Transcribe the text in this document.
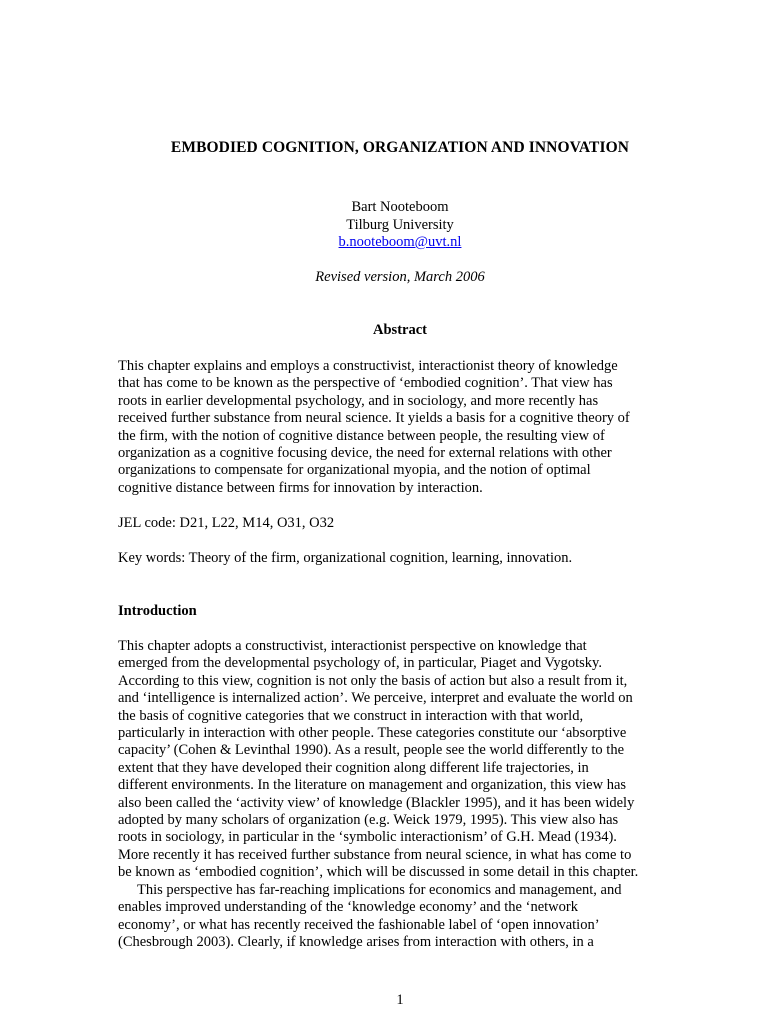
EMBODIED COGNITION, ORGANIZATION AND INNOVATION
Bart Nooteboom
Tilburg University
b.nooteboom@uvt.nl
Revised version, March 2006
Abstract
This chapter explains and employs a constructivist, interactionist theory of knowledge
that has come to be known as the perspective of ‘embodied cognition’. That view has
roots in earlier developmental psychology, and in sociology, and more recently has
received further substance from neural science. It yields a basis for a cognitive theory of
the firm, with the notion of cognitive distance between people, the resulting view of
organization as a cognitive focusing device, the need for external relations with other
organizations to compensate for organizational myopia, and the notion of optimal
cognitive distance between firms for innovation by interaction.
JEL code: D21, L22, M14, O31, O32
Key words: Theory of the firm, organizational cognition, learning, innovation.
Introduction
This chapter adopts a constructivist, interactionist perspective on knowledge that
emerged from the developmental psychology of, in particular, Piaget and Vygotsky.
According to this view, cognition is not only the basis of action but also a result from it,
and ‘intelligence is internalized action’. We perceive, interpret and evaluate the world on
the basis of cognitive categories that we construct in interaction with that world,
particularly in interaction with other people. These categories constitute our ‘absorptive
capacity’ (Cohen & Levinthal 1990). As a result, people see the world differently to the
extent that they have developed their cognition along different life trajectories, in
different environments. In the literature on management and organization, this view has
also been called the ‘activity view’ of knowledge (Blackler 1995), and it has been widely
adopted by many scholars of organization (e.g. Weick 1979, 1995). This view also has
roots in sociology, in particular in the ‘symbolic interactionism’ of G.H. Mead (1934).
More recently it has received further substance from neural science, in what has come to
be known as ‘embodied cognition’, which will be discussed in some detail in this chapter.
This perspective has far-reaching implications for economics and management, and
enables improved understanding of the ‘knowledge economy’ and the ‘network
economy’, or what has recently received the fashionable label of ‘open innovation’
(Chesbrough 2003). Clearly, if knowledge arises from interaction with others, in a
1
